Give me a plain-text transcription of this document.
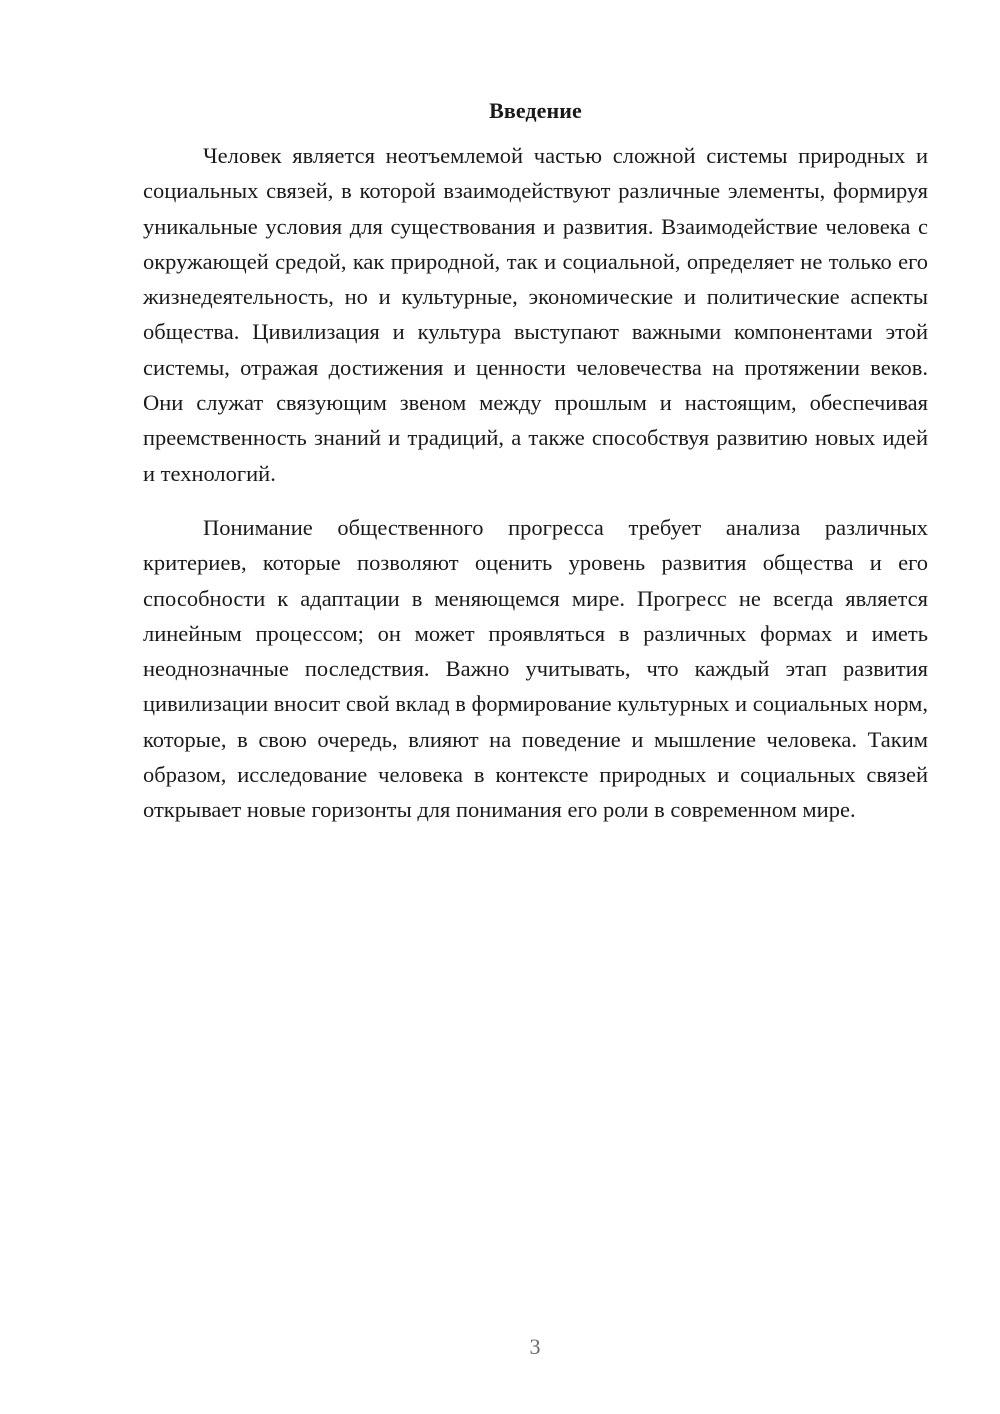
Введение

Человек является неотъемлемой частью сложной системы природных и социальных связей, в которой взаимодействуют различные элементы, формируя уникальные условия для существования и развития. Взаимодействие человека с окружающей средой, как природной, так и социальной, определяет не только его жизнедеятельность, но и культурные, экономические и политические аспекты общества. Цивилизация и культура выступают важными компонентами этой системы, отражая достижения и ценности человечества на протяжении веков. Они служат связующим звеном между прошлым и настоящим, обеспечивая преемственность знаний и традиций, а также способствуя развитию новых идей и технологий.

Понимание общественного прогресса требует анализа различных критериев, которые позволяют оценить уровень развития общества и его способности к адаптации в меняющемся мире. Прогресс не всегда является линейным процессом; он может проявляться в различных формах и иметь неоднозначные последствия. Важно учитывать, что каждый этап развития цивилизации вносит свой вклад в формирование культурных и социальных норм, которые, в свою очередь, влияют на поведение и мышление человека. Таким образом, исследование человека в контексте природных и социальных связей открывает новые горизонты для понимания его роли в современном мире.

3
